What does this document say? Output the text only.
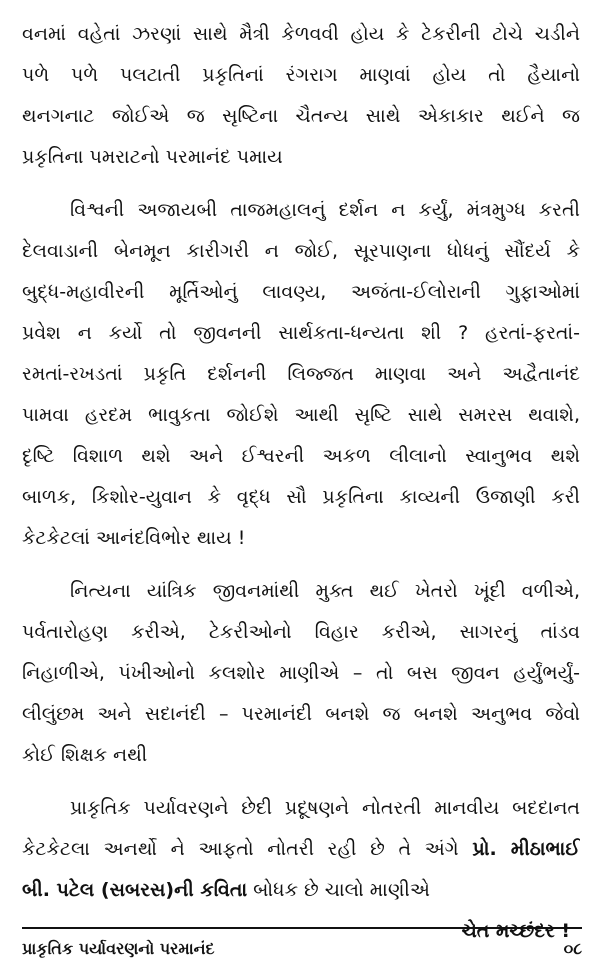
વનમાં વહેતાં ઝરણાં સાથે મૈત્રી કેળવવી હોય કે ટેકરીની ટોચે ચડીને
પળે પળે પલટાતી પ્રકૃતિનાં રંગરાગ માણવાં હોય તો હૈયાનો
થનગનાટ જોઈએ જ સૃષ્ટિના ચૈતન્ય સાથે એકાકાર થઈને જ
પ્રકૃતિના પમરાટનો પરમાનંદ પમાય
વિશ્વની અજાયબી તાજમહાલનું દર્શન ન કર્યું, મંત્રમુગ્ધ કરતી
દેલવાડાની બેનમૂન કારીગરી ન જોઈ, સૂરપાણના ધોધનું સૌંદર્ય કે
બુદ્ધ-મહાવીરની મૂર્તિઓનું લાવણ્ય, અજંતા-ઈલોરાની ગુફાઓમાં
પ્રવેશ ન કર્યો તો જીવનની સાર્થકતા-ધન્યતા શી ? હરતાં-ફરતાં-
રમતાં-રખડતાં પ્રકૃતિ દર્શનની લિજ્જત માણવા અને અદ્વૈતાનંદ
પામવા હરદમ ભાવુકતા જોઈશે આથી સૃષ્ટિ સાથે સમરસ થવાશે,
દૃષ્ટિ વિશાળ થશે અને ઈશ્વરની અકળ લીલાનો સ્વાનુભવ થશે
બાળક, કિશોર-યુવાન કે વૃદ્ધ સૌ પ્રકૃતિના કાવ્યની ઉજાણી કરી
કેટકેટલાં આનંદવિભોર થાય !
નિત્યના યાંત્રિક જીવનમાંથી મુક્ત થઈ ખેતરો ખૂંદી વળીએ,
પર્વતારોહણ કરીએ, ટેકરીઓનો વિહાર કરીએ, સાગરનું તાંડવ
નિહાળીએ, પંખીઓનો કલશોર માણીએ – તો બસ જીવન હર્યુંભર્યું-
લીલુંછમ અને સદાનંદી – પરમાનંદી બનશે જ બનશે અનુભવ જેવો
કોઈ શિક્ષક નથી
પ્રાકૃતિક પર્યાવરણને છેદી પ્રદૂષણને નોતરતી માનવીય બદદાનત
કેટકેટલા અનર્થો ને આફતો નોતરી રહી છે તે અંગે પ્રો. મીઠાભાઈ
બી. પટેલ (સબરસ)ની કવિતા બોધક છે ચાલો માણીએ
ચેત મચ્છંદર !
પ્રાકૃતિક પર્યાવરણનો પરમાનંદ	૦૮
